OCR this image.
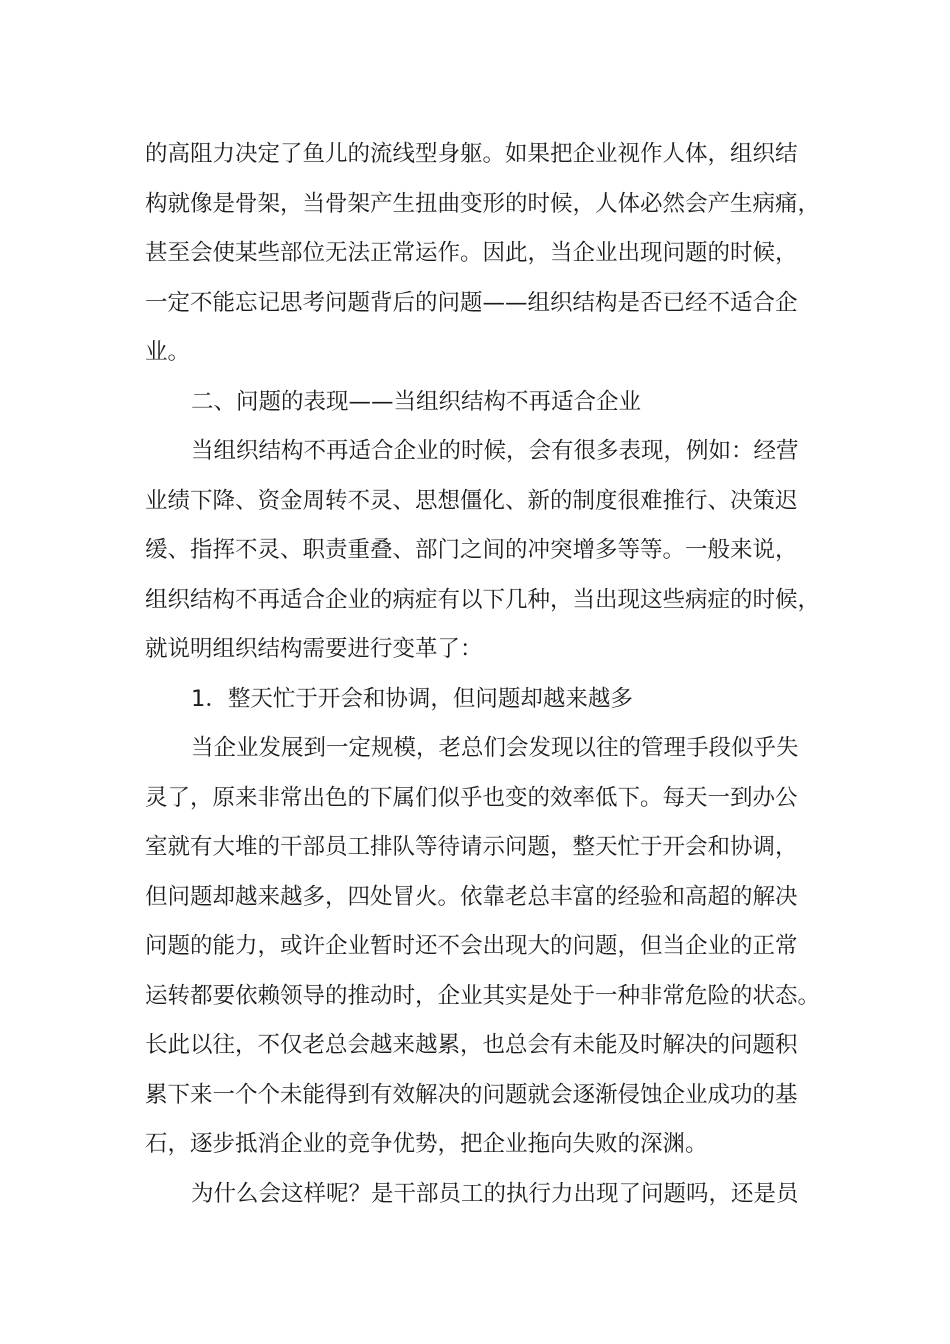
的高阻力决定了鱼儿的流线型身躯。如果把企业视作人体，组织结
构就像是骨架，当骨架产生扭曲变形的时候，人体必然会产生病痛，
甚至会使某些部位无法正常运作。因此，当企业出现问题的时候，
一定不能忘记思考问题背后的问题——组织结构是否已经不适合企
业。
二、问题的表现——当组织结构不再适合企业
当组织结构不再适合企业的时候，会有很多表现，例如：经营
业绩下降、资金周转不灵、思想僵化、新的制度很难推行、决策迟
缓、指挥不灵、职责重叠、部门之间的冲突增多等等。一般来说，
组织结构不再适合企业的病症有以下几种，当出现这些病症的时候，
就说明组织结构需要进行变革了：
1．整天忙于开会和协调，但问题却越来越多
当企业发展到一定规模，老总们会发现以往的管理手段似乎失
灵了，原来非常出色的下属们似乎也变的效率低下。每天一到办公
室就有大堆的干部员工排队等待请示问题，整天忙于开会和协调，
但问题却越来越多，四处冒火。依靠老总丰富的经验和高超的解决
问题的能力，或许企业暂时还不会出现大的问题，但当企业的正常
运转都要依赖领导的推动时，企业其实是处于一种非常危险的状态。
长此以往，不仅老总会越来越累，也总会有未能及时解决的问题积
累下来一个个未能得到有效解决的问题就会逐渐侵蚀企业成功的基
石，逐步抵消企业的竞争优势，把企业拖向失败的深渊。
为什么会这样呢？是干部员工的执行力出现了问题吗，还是员
